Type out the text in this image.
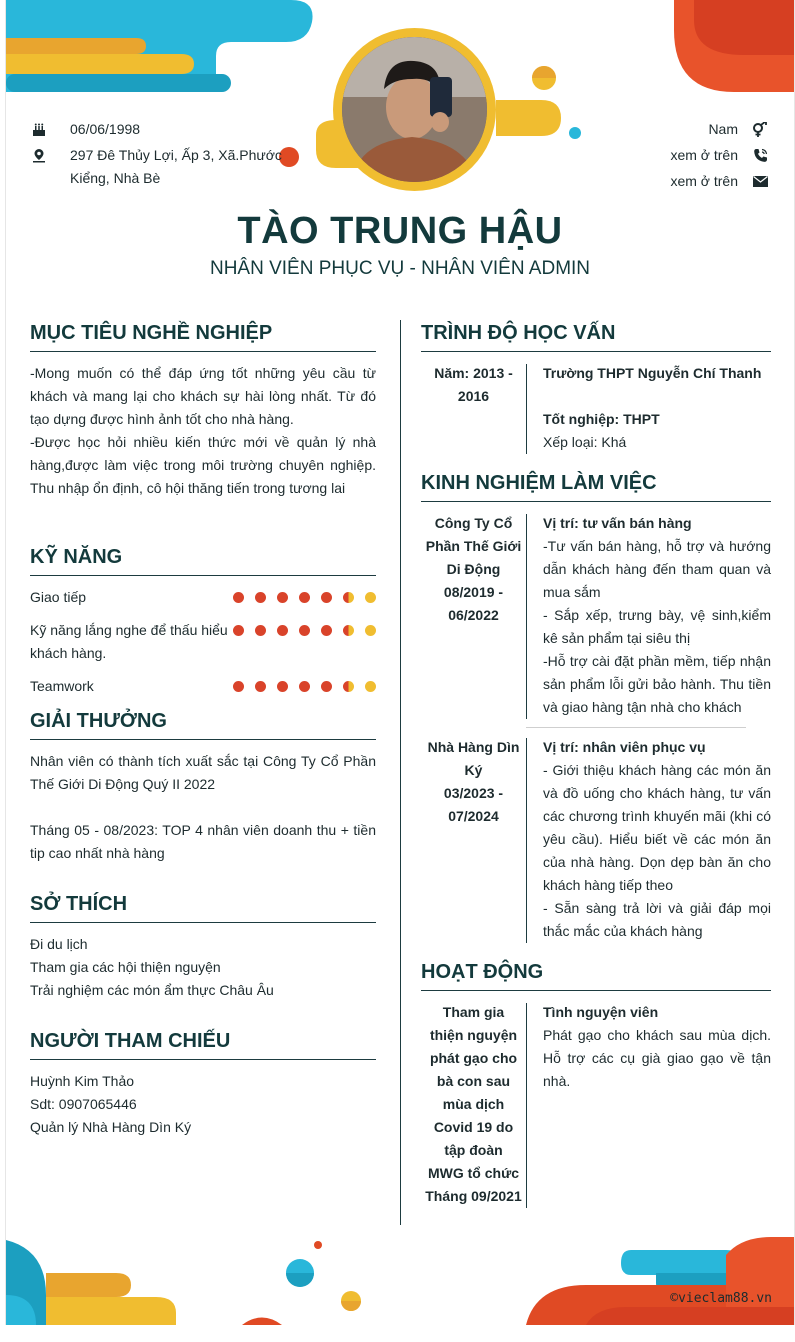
06/06/1998
297 Đê Thủy Lợi, Ấp 3, Xã.Phước Kiểng, Nhà Bè
Nam
xem ở trên
xem ở trên
TÀO TRUNG HẬU
NHÂN VIÊN PHỤC VỤ - NHÂN VIÊN ADMIN
MỤC TIÊU NGHỀ NGHIỆP

-Mong muốn có thể đáp ứng tốt những yêu cầu từ khách và mang lại cho khách sự hài lòng nhất. Từ đó tạo dựng được hình ảnh tốt cho nhà hàng.

-Được học hỏi nhiều kiến thức mới về quản lý nhà hàng,được làm việc trong môi trường chuyên nghiệp. Thu nhập ổn định, cô hội thăng tiến trong tương lai

KỸ NĂNG
Giao tiếp
Kỹ năng lắng nghe để thấu hiểu khách hàng.
Teamwork
GIẢI THƯỞNG

Nhân viên có thành tích xuất sắc tại Công Ty Cổ Phần Thế Giới Di Động Quý II 2022

Tháng 05 - 08/2023: TOP 4 nhân viên doanh thu + tiền tip cao nhất nhà hàng

SỞ THÍCH

Đi du lịch

Tham gia các hội thiện nguyện

Trải nghiệm các món ẩm thực Châu Âu

NGƯỜI THAM CHIẾU

Huỳnh Kim Thảo

Sdt: 0907065446

Quản lý Nhà Hàng Dìn Ký

TRÌNH ĐỘ HỌC VẤN
Năm: 2013 - 2016

Trường THPT Nguyễn Chí Thanh

Tốt nghiệp: THPT

Xếp loại: Khá

KINH NGHIỆM LÀM VIỆC

Công Ty Cổ Phần Thế Giới Di Động

08/2019 - 06/2022

Vị trí: tư vấn bán hàng

-Tư vấn bán hàng, hỗ trợ và hướng dẫn khách hàng đến tham quan và mua sắm

- Sắp xếp, trưng bày, vệ sinh,kiểm kê sản phẩm tại siêu thị

-Hỗ trợ cài đặt phần mềm, tiếp nhận sản phẩm lỗi gửi bảo hành. Thu tiền và giao hàng tận nhà cho khách

Nhà Hàng Dìn Ký

03/2023 - 07/2024

Vị trí: nhân viên phục vụ

- Giới thiệu khách hàng các món ăn và đồ uống cho khách hàng, tư vấn các chương trình khuyến mãi (khi có yêu cầu). Hiểu biết về các món ăn của nhà hàng. Dọn dẹp bàn ăn cho khách hàng tiếp theo

- Sẵn sàng trả lời và giải đáp mọi thắc mắc của khách hàng

HOẠT ĐỘNG

Tham gia thiện nguyện phát gạo cho bà con sau mùa dịch Covid 19 do tập đoàn MWG tổ chức

Tháng 09/2021

Tình nguyện viên

Phát gạo cho khách sau mùa dịch. Hỗ trợ các cụ già giao gạo về tận nhà.

©vieclam88.vn
